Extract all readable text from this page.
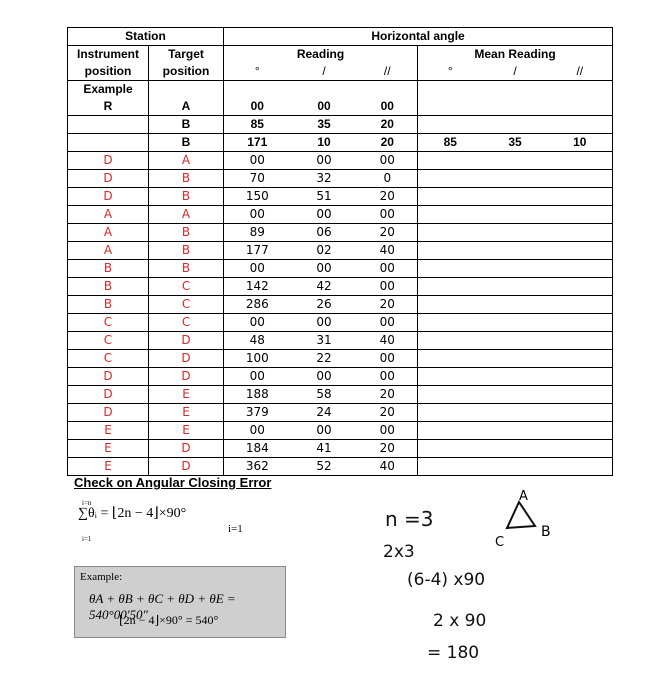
Station		Horizontal angle					
Instrument	Target	Reading			Mean Reading		
position	position	°	/	//	°	/	//
Example							
R	A	00	00	00			
	B	85	35	20			
	B	171	10	20	85	35	10
D	A	00	00	00			
D	B	70	32	0			
D	B	150	51	20			
A	A	00	00	00			
A	B	89	06	20			
A	B	177	02	40			
B	B	00	00	00			
B	C	142	42	00			
B	C	286	26	20			
C	C	00	00	00			
C	D	48	31	40			
C	D	100	22	00			
D	D	00	00	00			
D	E	188	58	20			
D	E	379	24	20			
E	E	00	00	00			
E	D	184	41	20			
E	D	362	52	40			
Check on Angular Closing Error
i=n
∑θᵢ = ⌊2n − 4⌋×90°
i=1
i=1
Example:
θA + θB + θC + θD + θE = 540°00′50″
⌊2n − 4⌋×90° = 540°
n =3
2x3
(6-4) x90
2 x 90
= 180
A
B
C
